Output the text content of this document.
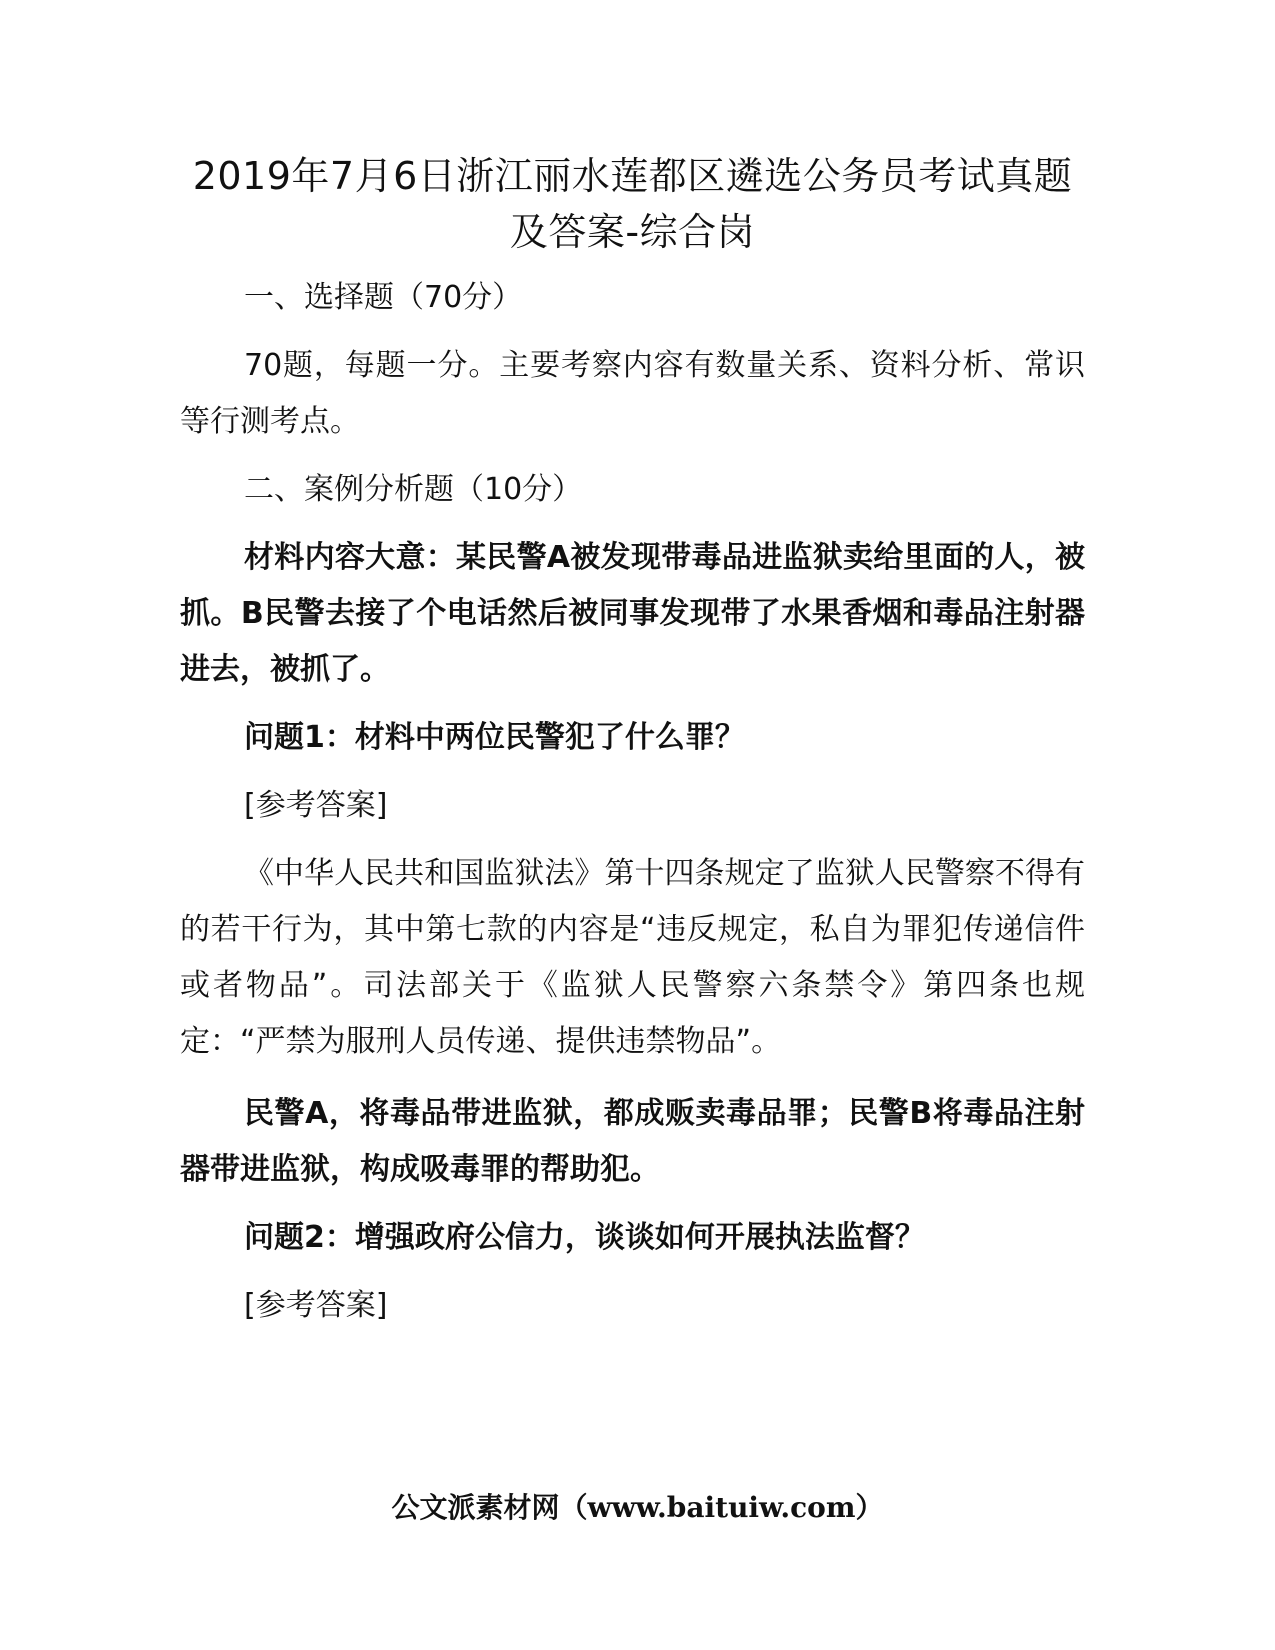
2019年7月6日浙江丽水莲都区遴选公务员考试真题及答案-综合岗

一、选择题（70分）

70题，每题一分。主要考察内容有数量关系、资料分析、常识等行测考点。

二、案例分析题（10分）

材料内容大意：某民警A被发现带毒品进监狱卖给里面的人，被抓。B民警去接了个电话然后被同事发现带了水果香烟和毒品注射器进去，被抓了。

问题1：材料中两位民警犯了什么罪？

[参考答案]

《中华人民共和国监狱法》第十四条规定了监狱人民警察不得有的若干行为，其中第七款的内容是“违反规定，私自为罪犯传递信件或者物品”。司法部关于《监狱人民警察六条禁令》第四条也规定：“严禁为服刑人员传递、提供违禁物品”。

民警A，将毒品带进监狱，都成贩卖毒品罪；民警B将毒品注射器带进监狱，构成吸毒罪的帮助犯。

问题2：增强政府公信力，谈谈如何开展执法监督？

[参考答案]

公文派素材网（www.baituiw.com）
